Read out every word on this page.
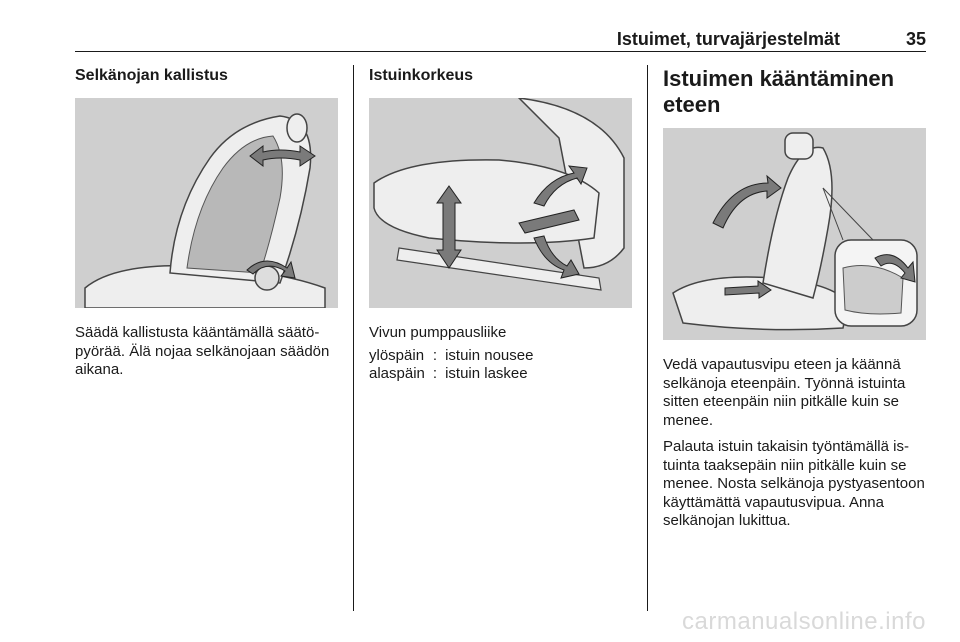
Istuimet, turvajärjestelmät	35
Selkänojan kallistus

Säädä kallistusta kääntämällä säätöpyörää. Älä nojaa selkänojaan säädön aikana.

Istuinkorkeus

Vivun pumppausliike

ylöspäin	:	istuin nousee
alaspäin	:	istuin laskee
Istuimen kääntäminen eteen

Vedä vapautusvipu eteen ja käännä selkänoja eteenpäin. Työnnä istuinta sitten eteenpäin niin pitkälle kuin se menee.

Palauta istuin takaisin työntämällä istuinta taaksepäin niin pitkälle kuin se menee. Nosta selkänoja pystyasentoon käyttämättä vapautusvipua. Anna selkänojan lukittua.

carmanualsonline.info
